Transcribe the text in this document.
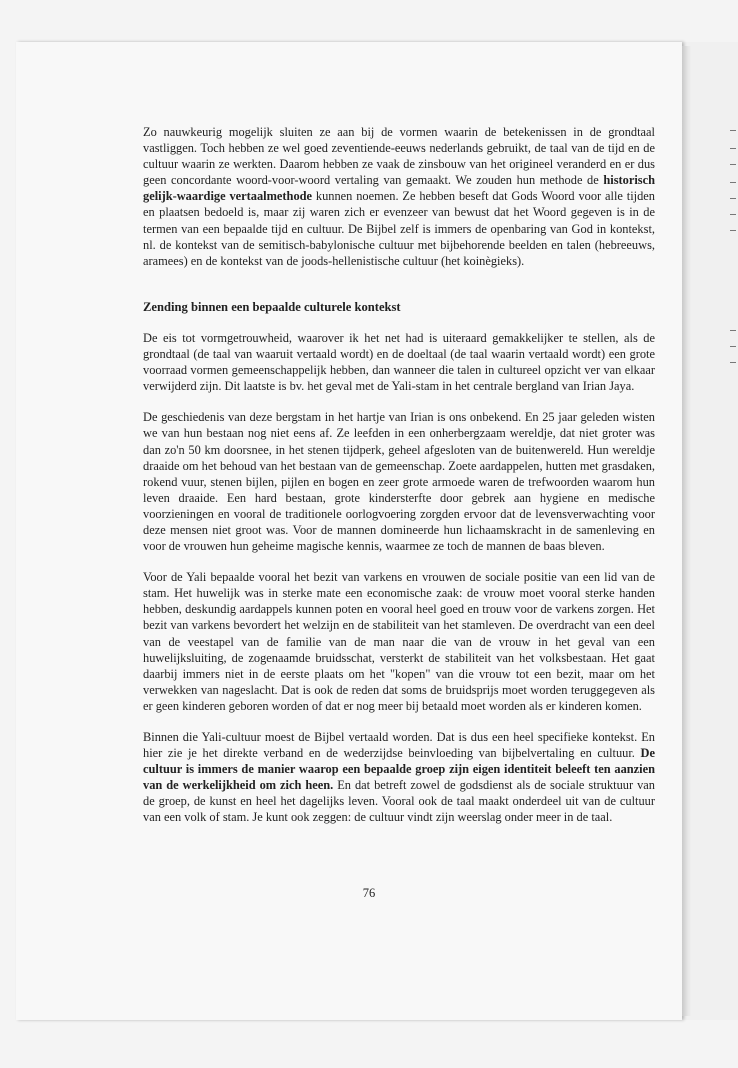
Zo nauwkeurig mogelijk sluiten ze aan bij de vormen waarin de betekenissen in de grondtaal vastliggen. Toch hebben ze wel goed zeventiende-eeuws nederlands gebruikt, de taal van de tijd en de cultuur waarin ze werkten. Daarom hebben ze vaak de zinsbouw van het origineel veranderd en er dus geen concordante woord-voor-woord vertaling van gemaakt. We zouden hun methode de historisch gelijk-waardige vertaalmethode kunnen noemen. Ze hebben beseft dat Gods Woord voor alle tijden en plaatsen bedoeld is, maar zij waren zich er evenzeer van bewust dat het Woord gegeven is in de termen van een bepaalde tijd en cultuur. De Bijbel zelf is immers de openbaring van God in kontekst, nl. de kontekst van de semitisch-babylonische cultuur met bijbehorende beelden en talen (hebreeuws, aramees) en de kontekst van de joods-hellenistische cultuur (het koinègieks).

Zending binnen een bepaalde culturele kontekst

De eis tot vormgetrouwheid, waarover ik het net had is uiteraard gemakkelijker te stellen, als de grondtaal (de taal van waaruit vertaald wordt) en de doeltaal (de taal waarin vertaald wordt) een grote voorraad vormen gemeenschappelijk hebben, dan wanneer die talen in cultureel opzicht ver van elkaar verwijderd zijn. Dit laatste is bv. het geval met de Yali-stam in het centrale bergland van Irian Jaya.

De geschiedenis van deze bergstam in het hartje van Irian is ons onbekend. En 25 jaar geleden wisten we van hun bestaan nog niet eens af. Ze leefden in een onherbergzaam wereldje, dat niet groter was dan zo'n 50 km doorsnee, in het stenen tijdperk, geheel afgesloten van de buitenwereld. Hun wereldje draaide om het behoud van het bestaan van de gemeenschap. Zoete aardappelen, hutten met grasdaken, rokend vuur, stenen bijlen, pijlen en bogen en zeer grote armoede waren de trefwoorden waarom hun leven draaide. Een hard bestaan, grote kindersterfte door gebrek aan hygiene en medische voorzieningen en vooral de traditionele oorlogvoering zorgden ervoor dat de levensverwachting voor deze mensen niet groot was. Voor de mannen domineerde hun lichaamskracht in de samenleving en voor de vrouwen hun geheime magische kennis, waarmee ze toch de mannen de baas bleven.

Voor de Yali bepaalde vooral het bezit van varkens en vrouwen de sociale positie van een lid van de stam. Het huwelijk was in sterke mate een economische zaak: de vrouw moet vooral sterke handen hebben, deskundig aardappels kunnen poten en vooral heel goed en trouw voor de varkens zorgen. Het bezit van varkens bevordert het welzijn en de stabiliteit van het stamleven. De overdracht van een deel van de veestapel van de familie van de man naar die van de vrouw in het geval van een huwelijksluiting, de zogenaamde bruidsschat, versterkt de stabiliteit van het volksbestaan. Het gaat daarbij immers niet in de eerste plaats om het "kopen" van die vrouw tot een bezit, maar om het verwekken van nageslacht. Dat is ook de reden dat soms de bruidsprijs moet worden teruggegeven als er geen kinderen geboren worden of dat er nog meer bij betaald moet worden als er kinderen komen.

Binnen die Yali-cultuur moest de Bijbel vertaald worden. Dat is dus een heel specifieke kontekst. En hier zie je het direkte verband en de wederzijdse beinvloeding van bijbelvertaling en cultuur. De cultuur is immers de manier waarop een bepaalde groep zijn eigen identiteit beleeft ten aanzien van de werkelijkheid om zich heen. En dat betreft zowel de godsdienst als de sociale struktuur van de groep, de kunst en heel het dagelijks leven. Vooral ook de taal maakt onderdeel uit van de cultuur van een volk of stam. Je kunt ook zeggen: de cultuur vindt zijn weerslag onder meer in de taal.

76
